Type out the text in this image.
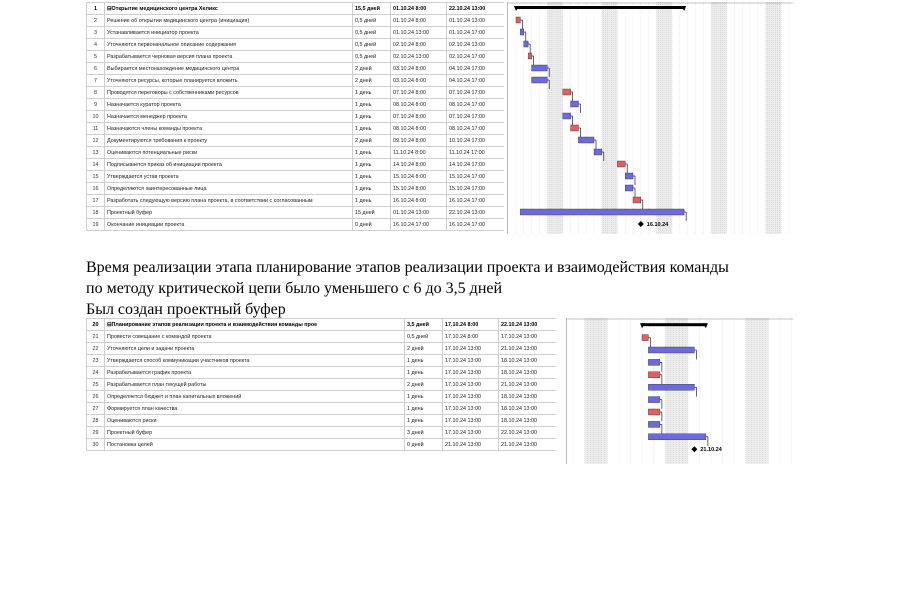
1	⊟Открытие медицинского центра Хеликс	15,5 дней	01.10.24 8:00	22.10.24 13:00
2	Решение об открытии медицинского центра (инициация)	0,5 дней	01.10.24 8:00	01.10.24 13:00
3	Устанавливается инициатор проекта	0,5 дней	01.10.24 13:00	01.10.24 17:00
4	Уточняются первоначальное описание содержания	0,5 дней	02.10.24 8:00	02.10.24 13:00
5	Разрабатывается черновая версия плана проекта	0,5 дней	02.10.24 13:00	02.10.24 17:00
6	Выбирается местонахождение медицинского центра	2 дней	03.10.24 8:00	04.10.24 17:00
7	Уточняются ресурсы, которые планируется вложить	2 дней	03.10.24 8:00	04.10.24 17:00
8	Проводятся переговоры с собственниками ресурсов	1 день	07.10.24 8:00	07.10.24 17:00
9	Назначается куратор проекта	1 день	08.10.24 8:00	08.10.24 17:00
10	Назначается менеджер проекта	1 день	07.10.24 8:00	07.10.24 17:00
11	Назначаются члены команды проекта	1 день	08.10.24 8:00	08.10.24 17:00
12	Документируются требования к проекту	2 дней	09.10.24 8:00	10.10.24 17:00
13	Оцениваются потенциальные риски	1 день	11.10.24 8:00	11.10.24 17:00
14	Подписывается приказ об инициации проекта	1 день	14.10.24 8:00	14.10.24 17:00
15	Утверждается устав проекта	1 день	15.10.24 8:00	15.10.24 17:00
16	Определяются заинтересованные лица	1 день	15.10.24 8:00	15.10.24 17:00
17	Разработать следующую версию плана проекта, в соответствии с согласованным	1 день	16.10.24 8:00	16.10.24 17:00
18	Проектный буфер	15 дней	01.10.24 13:00	22.10.24 13:00
19	Окончание инициации проекта	0 дней	16.10.24 17:00	16.10.24 17:00	16.10.24
Время реализации этапа планирование этапов реализации проекта и взаимодействия команды
по методу критической цепи было уменьшего с 6 до 3,5 дней
Был создан проектный буфер
20	⊟Планирование этапов реализации проекта и взаимодействия команды прое	3,5 дней	17.10.24 8:00	22.10.24 13:00
21	Провести совещание с командой проекта	0,5 дней	17.10.24 8:00	17.10.24 13:00
22	Уточняются цели и задачи проекта	2 дней	17.10.24 13:00	21.10.24 13:00
23	Утверждается способ коммуникации участников проекта	1 день	17.10.24 13:00	18.10.24 13:00
24	Разрабатывается график проекта	1 день	17.10.24 13:00	18.10.24 13:00
25	Разрабатывается план текущей работы	2 дней	17.10.24 13:00	21.10.24 13:00
26	Определяется бюджет и план капитальных вложений	1 день	17.10.24 13:00	18.10.24 13:00
27	Формируется план качества	1 день	17.10.24 13:00	18.10.24 13:00
28	Оцениваются риски	1 день	17.10.24 13:00	18.10.24 13:00
29	Проектный буфер	3 дней	17.10.24 13:00	22.10.24 13:00
30	Постановка целей	0 дней	21.10.24 13:00	21.10.24 13:00
21.10.24
